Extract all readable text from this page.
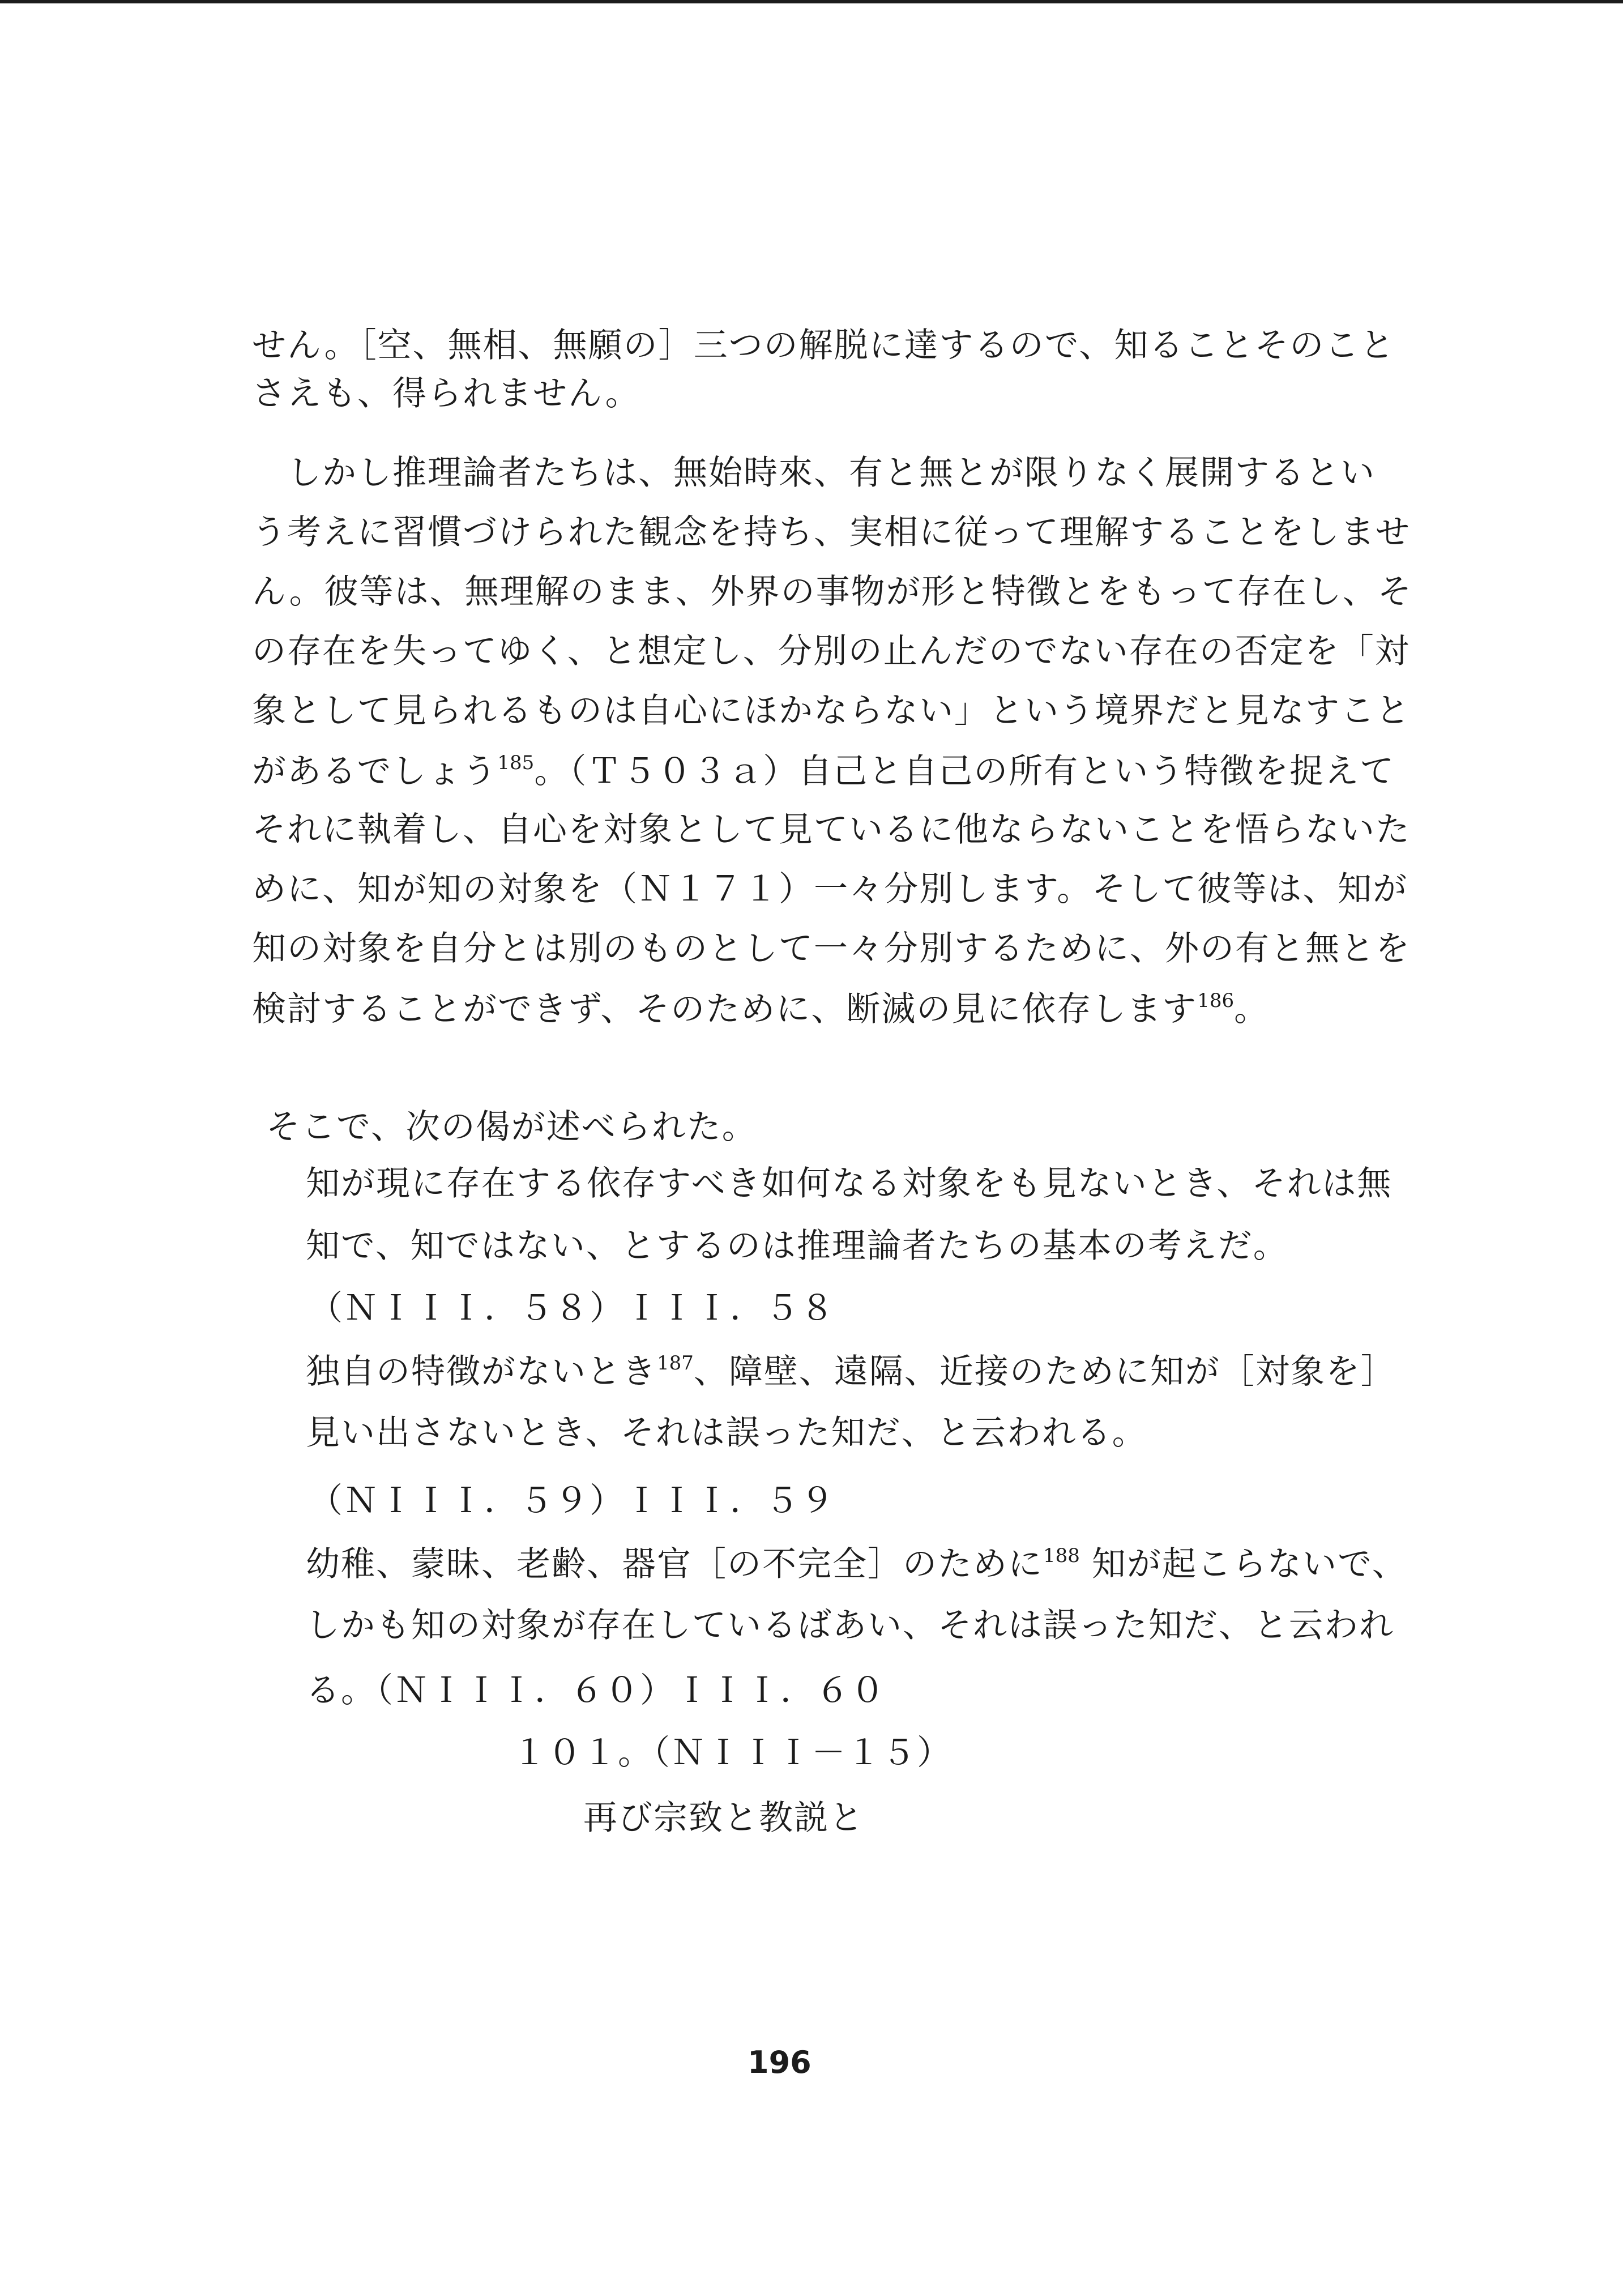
せん。［空、無相、無願の］三つの解脱に達するので、知ることそのこと
さえも、得られません。
　しかし推理論者たちは、無始時來、有と無とが限りなく展開するとい
う考えに習慣づけられた観念を持ち、実相に従って理解することをしませ
ん。彼等は、無理解のまま、外界の事物が形と特徴とをもって存在し、そ
の存在を失ってゆく、と想定し、分別の止んだのでない存在の否定を「対
象として見られるものは自心にほかならない」という境界だと見なすこと
があるでしょう$^{185}$。（Ｔ５０３ａ）自己と自己の所有という特徴を捉えて
それに執着し、自心を対象として見ているに他ならないことを悟らないた
めに、知が知の対象を（Ｎ１７１）一々分別します。そして彼等は、知が
知の対象を自分とは別のものとして一々分別するために、外の有と無とを
検討することができず、そのために、断滅の見に依存します$^{186}$。
そこで、次の偈が述べられた。
知が現に存在する依存すべき如何なる対象をも見ないとき、それは無
知で、知ではない、とするのは推理論者たちの基本の考えだ。
（ＮＩＩＩ．５８）ＩＩＩ．５８
独自の特徴がないとき$^{187}$、障壁、遠隔、近接のために知が［対象を］
見い出さないとき、それは誤った知だ、と云われる。
（ＮＩＩＩ．５９）ＩＩＩ．５９
幼稚、蒙昧、老齢、器官［の不完全］のために$^{188}$ 知が起こらないで、
しかも知の対象が存在しているばあい、それは誤った知だ、と云われ
る。（ＮＩＩＩ．６０）ＩＩＩ．６０
１０１。（ＮＩＩＩ－１５）
再び宗致と教説と
196
